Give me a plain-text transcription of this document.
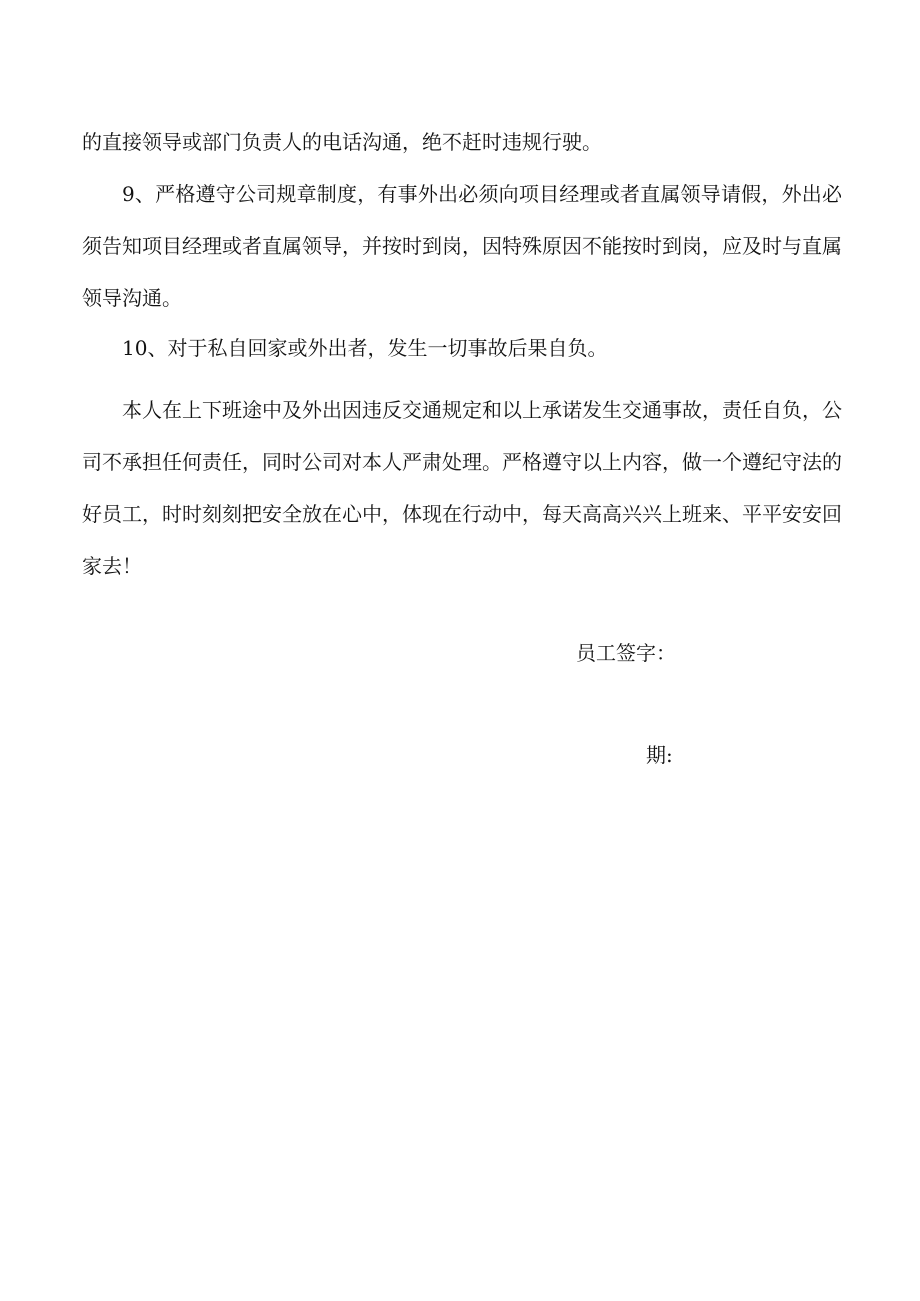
的直接领导或部门负责人的电话沟通，绝不赶时违规行驶。

9、严格遵守公司规章制度，有事外出必须向项目经理或者直属领导请假，外出必须告知项目经理或者直属领导，并按时到岗，因特殊原因不能按时到岗，应及时与直属领导沟通。

10、对于私自回家或外出者，发生一切事故后果自负。

本人在上下班途中及外出因违反交通规定和以上承诺发生交通事故，责任自负，公司不承担任何责任，同时公司对本人严肃处理。严格遵守以上内容，做一个遵纪守法的好员工，时时刻刻把安全放在心中，体现在行动中，每天高高兴兴上班来、平平安安回家去！

员工签字：
期:
